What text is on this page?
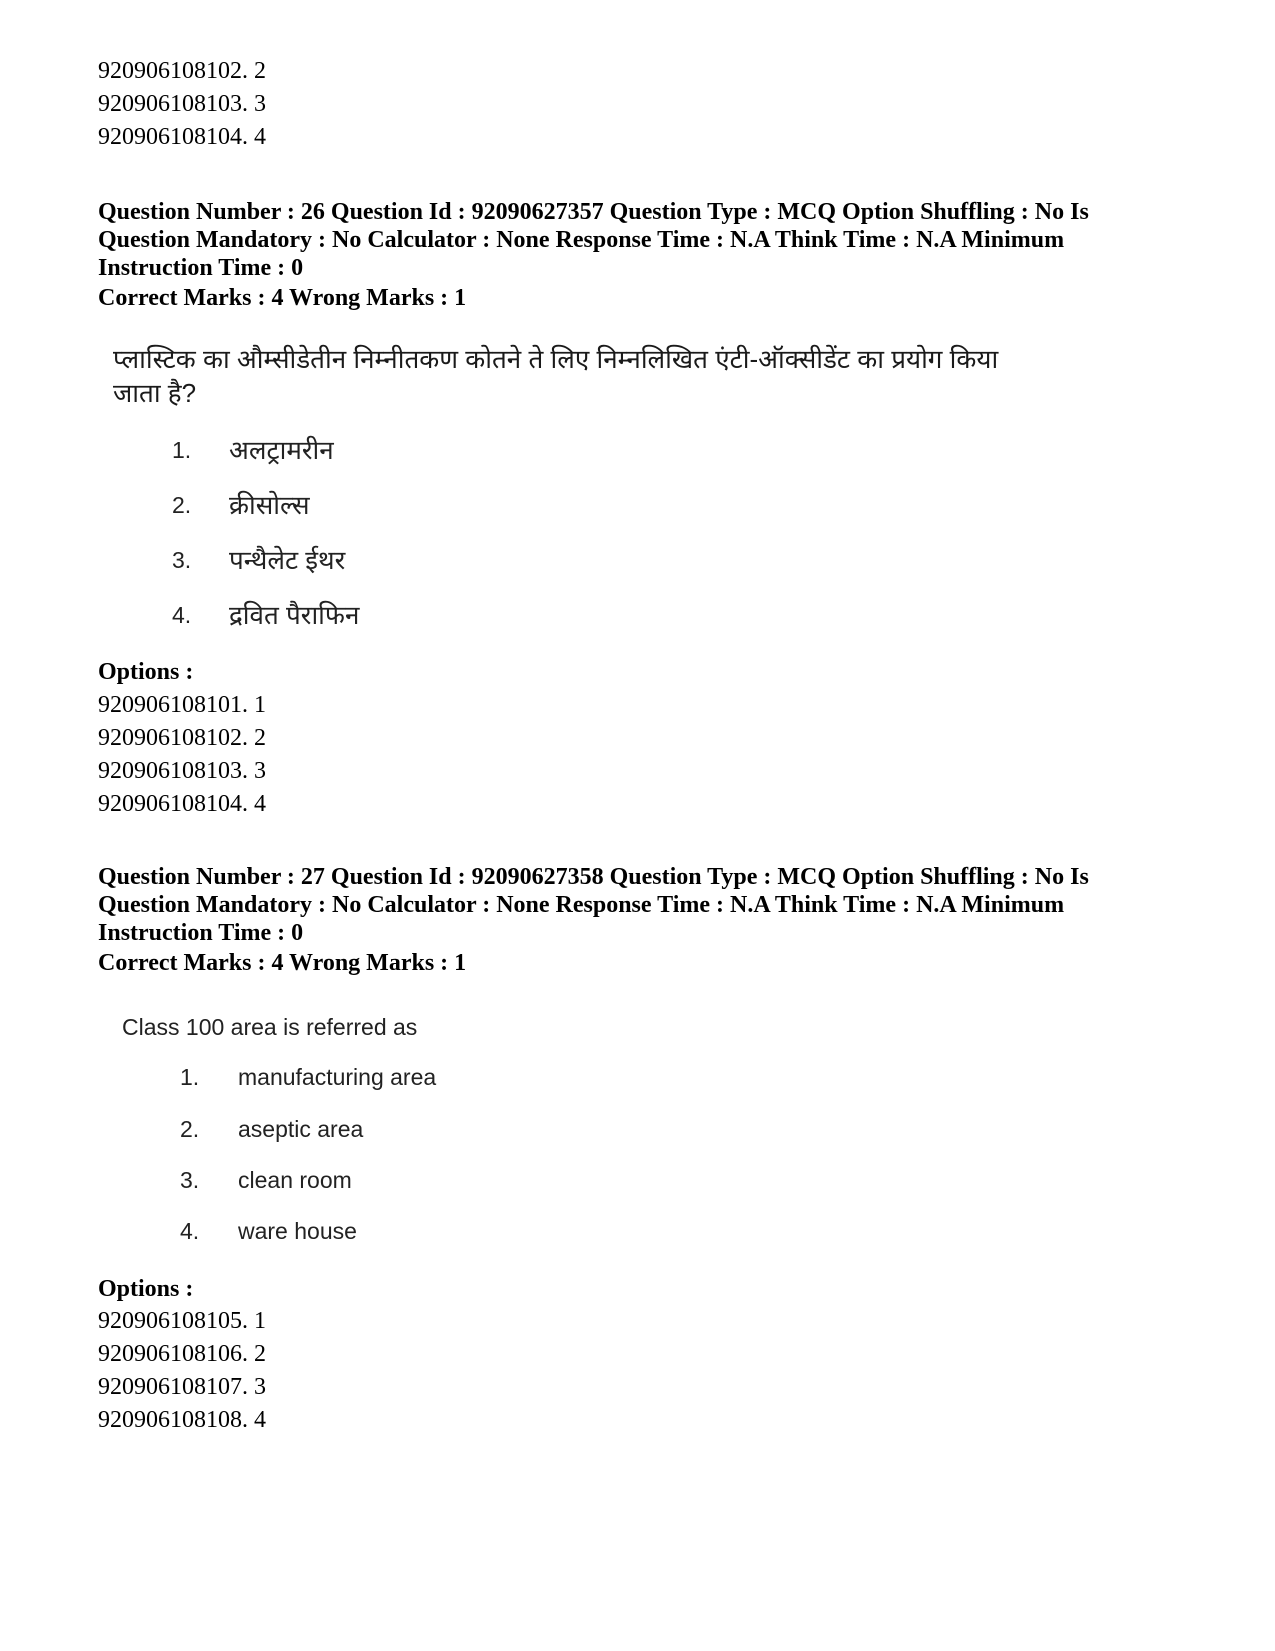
920906108102. 2
920906108103. 3
920906108104. 4
Question Number : 26 Question Id : 92090627357 Question Type : MCQ Option Shuffling : No Is
Question Mandatory : No Calculator : None Response Time : N.A Think Time : N.A Minimum
Instruction Time : 0
Correct Marks : 4 Wrong Marks : 1
प्लास्टिक का औम्सीडेतीन निम्नीतकण कोतने ते लिए निम्नलिखित एंटी-ऑक्सीडेंट का प्रयोग किया
जाता है?
1. अलट्रामरीन
2. क्रीसोल्स
3. पन्थैलेट ईथर
4. द्रवित पैराफिन
Options :
920906108101. 1
920906108102. 2
920906108103. 3
920906108104. 4
Question Number : 27 Question Id : 92090627358 Question Type : MCQ Option Shuffling : No Is
Question Mandatory : No Calculator : None Response Time : N.A Think Time : N.A Minimum
Instruction Time : 0
Correct Marks : 4 Wrong Marks : 1
Class 100 area is referred as
1. manufacturing area
2. aseptic area
3. clean room
4. ware house
Options :
920906108105. 1
920906108106. 2
920906108107. 3
920906108108. 4
